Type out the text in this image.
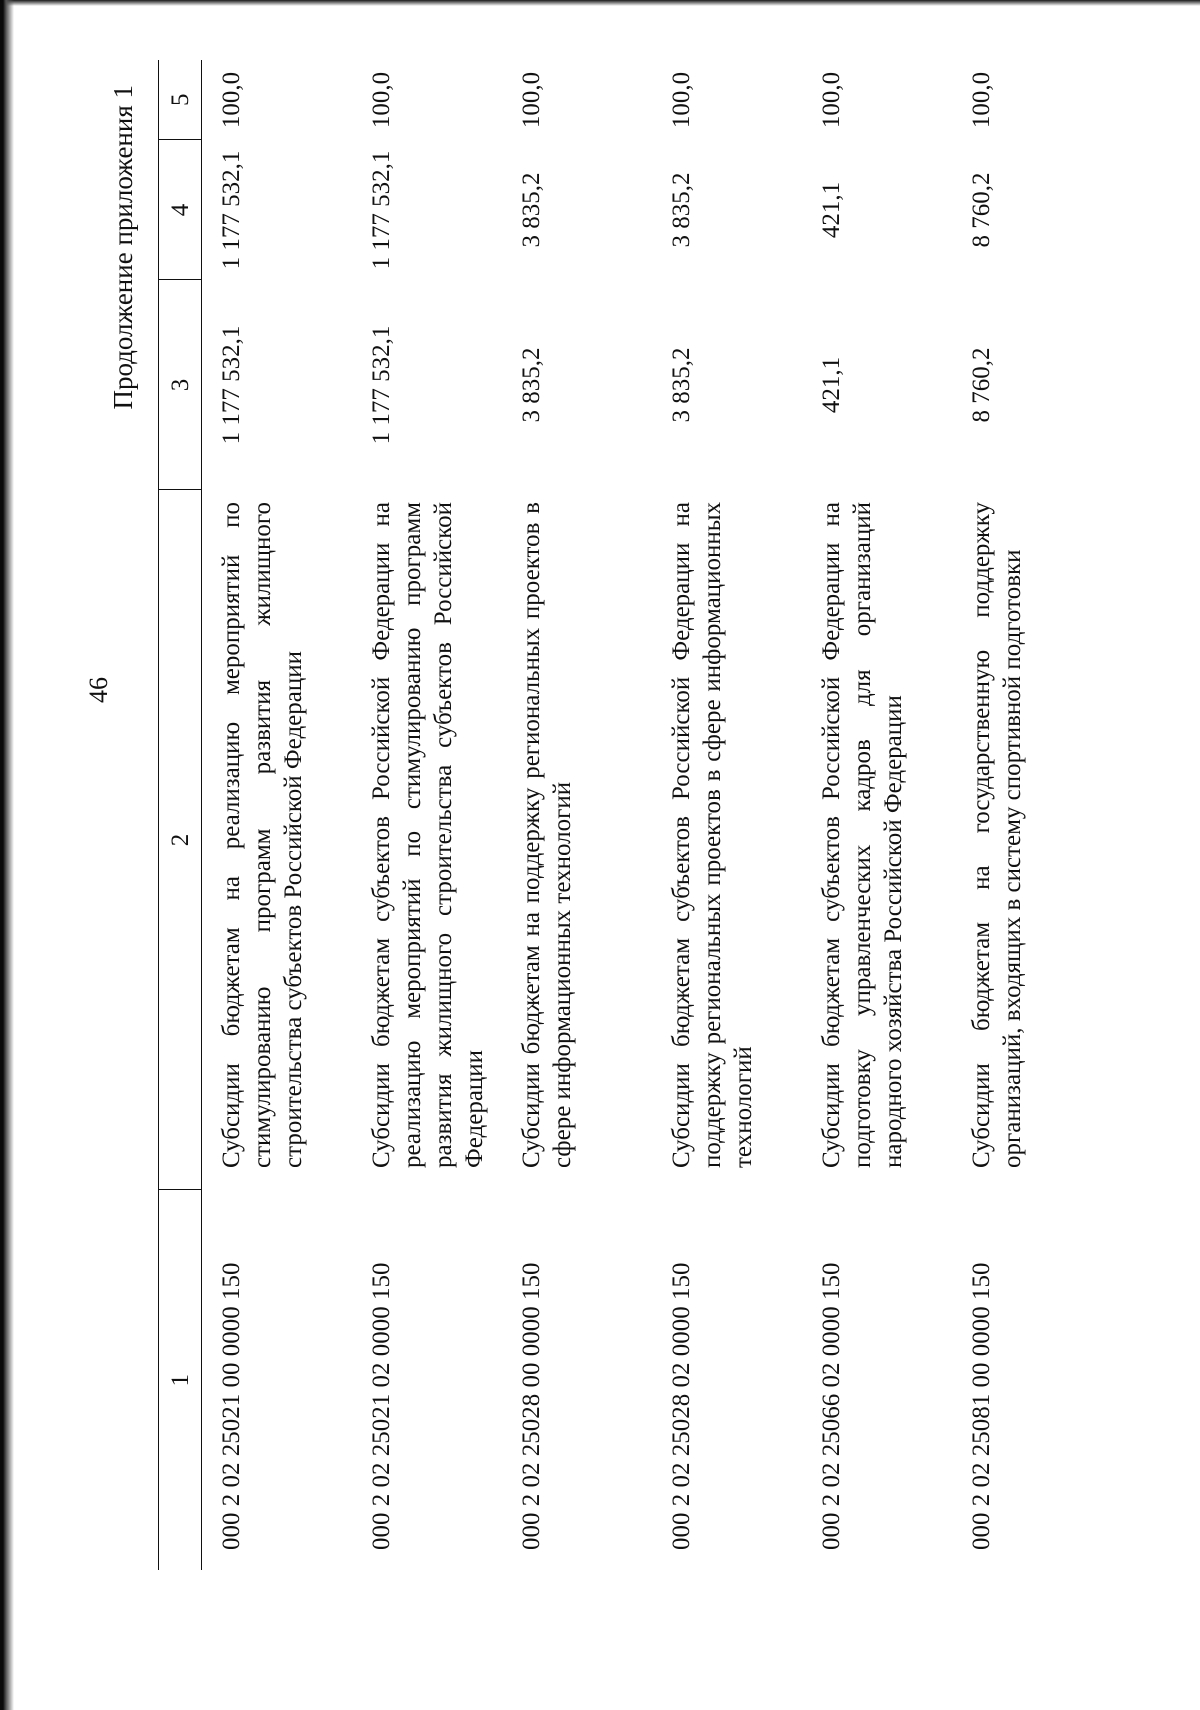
46
Продолжение приложения 1
1	2	3	4	5
000 2 02 25021 00 0000 150	Субсидии бюджетам на реализацию мероприятий по стимулированию программ развития жилищного строительства субъектов Российской Федерации	1 177 532,1	1 177 532,1	100,0
000 2 02 25021 02 0000 150	Субсидии бюджетам субъектов Российской Федерации на реализацию мероприятий по стимулированию программ развития жилищного строительства субъектов Российской Федерации	1 177 532,1	1 177 532,1	100,0
000 2 02 25028 00 0000 150	Субсидии бюджетам на поддержку региональных проектов в сфере информационных технологий	3 835,2	3 835,2	100,0
000 2 02 25028 02 0000 150	Субсидии бюджетам субъектов Российской Федерации на поддержку региональных проектов в сфере информационных технологий	3 835,2	3 835,2	100,0
000 2 02 25066 02 0000 150	Субсидии бюджетам субъектов Российской Федерации на подготовку управленческих кадров для организаций народного хозяйства Российской Федерации	421,1	421,1	100,0
000 2 02 25081 00 0000 150	Субсидии бюджетам на государственную поддержку организаций, входящих в систему спортивной подготовки	8 760,2	8 760,2	100,0
